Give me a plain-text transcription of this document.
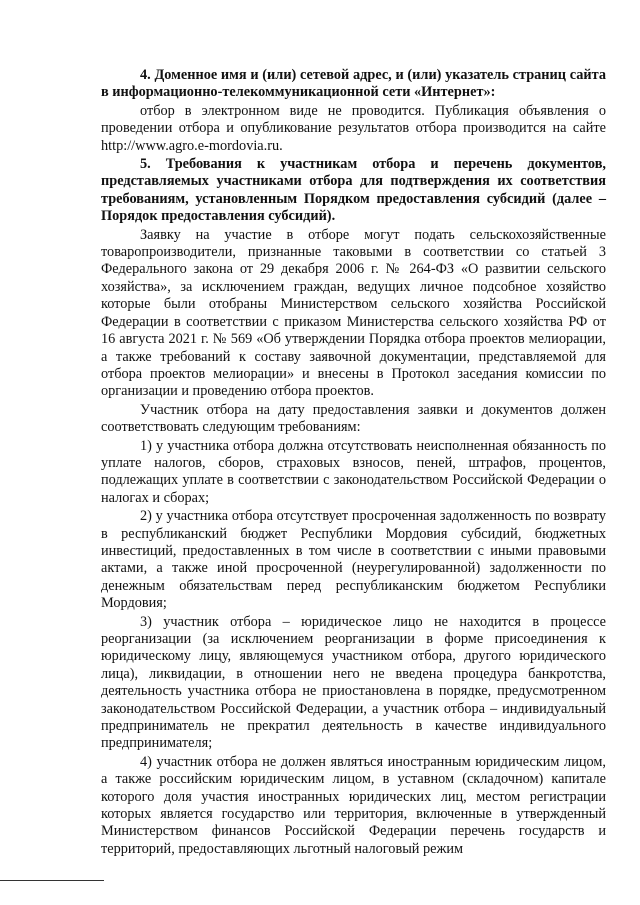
4. Доменное имя и (или) сетевой адрес, и (или) указатель страниц сайта в информационно-телекоммуникационной сети «Интернет»:

отбор в электронном виде не проводится. Публикация объявления о проведении отбора и опубликование результатов отбора производится на сайте http://www.agro.e-mordovia.ru.

5. Требования к участникам отбора и перечень документов, представляемых участниками отбора для подтверждения их соответствия требованиям, установленным Порядком предоставления субсидий (далее – Порядок предоставления субсидий).

Заявку на участие в отборе могут подать сельскохозяйственные товаропроизводители, признанные таковыми в соответствии со статьей 3 Федерального закона от 29 декабря 2006 г. № 264-ФЗ «О развитии сельского хозяйства», за исключением граждан, ведущих личное подсобное хозяйство которые были отобраны Министерством сельского хозяйства Российской Федерации в соответствии с приказом Министерства сельского хозяйства РФ от 16 августа 2021 г. № 569 «Об утверждении Порядка отбора проектов мелиорации, а также требований к составу заявочной документации, представляемой для отбора проектов мелиорации» и внесены в Протокол заседания комиссии по организации и проведению отбора проектов.

Участник отбора на дату предоставления заявки и документов должен соответствовать следующим требованиям:

1) у участника отбора должна отсутствовать неисполненная обязанность по уплате налогов, сборов, страховых взносов, пеней, штрафов, процентов, подлежащих уплате в соответствии с законодательством Российской Федерации о налогах и сборах;

2) у участника отбора отсутствует просроченная задолженность по возврату в республиканский бюджет Республики Мордовия субсидий, бюджетных инвестиций, предоставленных в том числе в соответствии с иными правовыми актами, а также иной просроченной (неурегулированной) задолженности по денежным обязательствам перед республиканским бюджетом Республики Мордовия;

3) участник отбора – юридическое лицо не находится в процессе реорганизации (за исключением реорганизации в форме присоединения к юридическому лицу, являющемуся участником отбора, другого юридического лица), ликвидации, в отношении него не введена процедура банкротства, деятельность участника отбора не приостановлена в порядке, предусмотренном законодательством Российской Федерации, а участник отбора – индивидуальный предприниматель не прекратил деятельность в качестве индивидуального предпринимателя;

4) участник отбора не должен являться иностранным юридическим лицом, а также российским юридическим лицом, в уставном (складочном) капитале которого доля участия иностранных юридических лиц, местом регистрации которых является государство или территория, включенные в утвержденный Министерством финансов Российской Федерации перечень государств и территорий, предоставляющих льготный налоговый режим
